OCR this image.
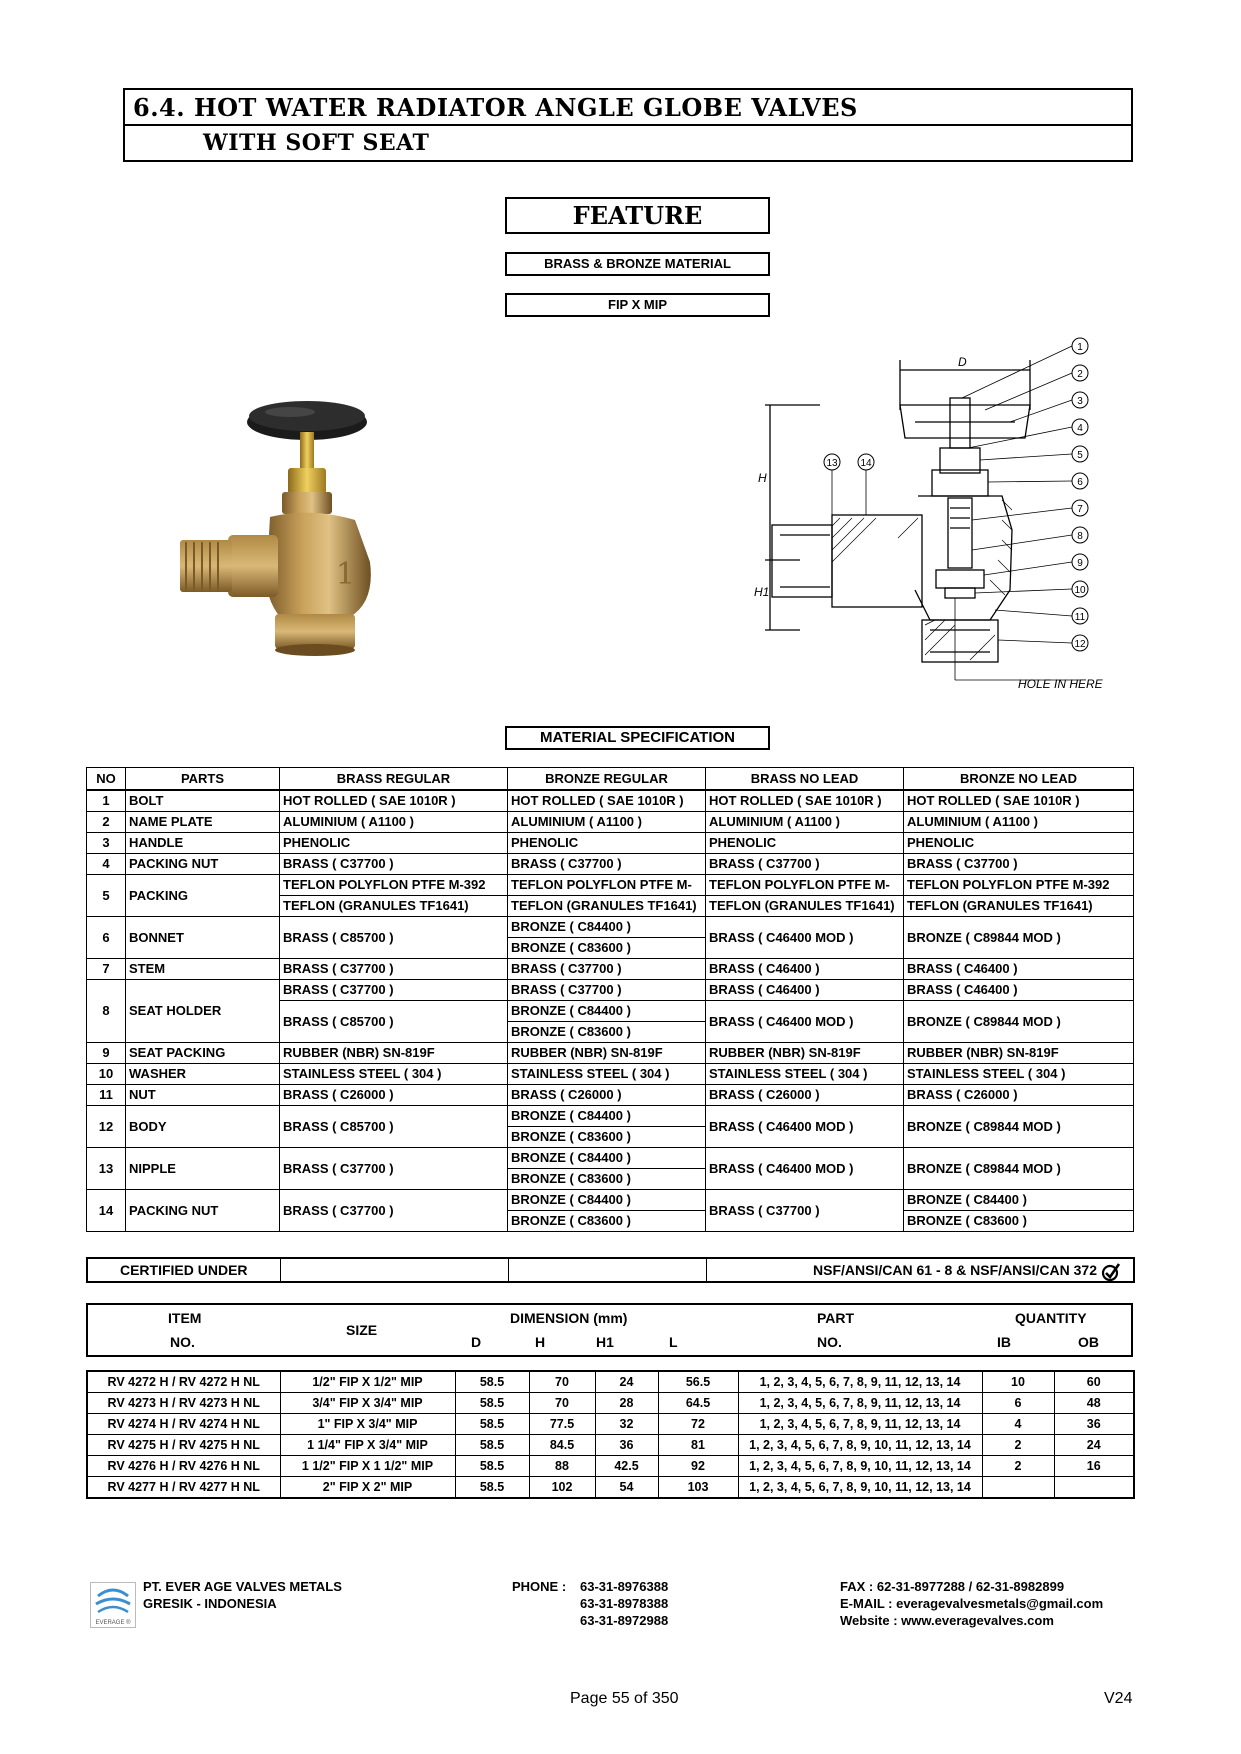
6.4. HOT WATER RADIATOR ANGLE GLOBE VALVES
WITH SOFT SEAT
FEATURE
BRASS & BRONZE MATERIAL
FIP X MIP
1
D
H
H1
HOLE IN HERE
1
2
3
4
5
6
7
8
9
10
11
12
13 14
MATERIAL SPECIFICATION
NO	PARTS	BRASS REGULAR	BRONZE REGULAR	BRASS NO LEAD	BRONZE NO LEAD
1	BOLT	HOT ROLLED ( SAE 1010R )	HOT ROLLED ( SAE 1010R )	HOT ROLLED ( SAE 1010R )	HOT ROLLED ( SAE 1010R )
2	NAME PLATE	ALUMINIUM ( A1100 )	ALUMINIUM ( A1100 )	ALUMINIUM ( A1100 )	ALUMINIUM ( A1100 )
3	HANDLE	PHENOLIC	PHENOLIC	PHENOLIC	PHENOLIC
4	PACKING NUT	BRASS ( C37700 )	BRASS ( C37700 )	BRASS ( C37700 )	BRASS ( C37700 )
5	PACKING	TEFLON POLYFLON PTFE M-392	TEFLON POLYFLON PTFE M-	TEFLON POLYFLON PTFE M-	TEFLON POLYFLON PTFE M-392
		TEFLON (GRANULES TF1641)	TEFLON (GRANULES TF1641)	TEFLON (GRANULES TF1641)	TEFLON (GRANULES TF1641)
6	BONNET	BRASS ( C85700 )	BRONZE ( C84400 )	BRASS ( C46400 MOD )	BRONZE ( C89844 MOD )
			BRONZE ( C83600 )		
7	STEM	BRASS ( C37700 )	BRASS ( C37700 )	BRASS ( C46400 )	BRASS ( C46400 )
8	SEAT HOLDER	BRASS ( C37700 )	BRASS ( C37700 )	BRASS ( C46400 )	BRASS ( C46400 )
		BRASS ( C85700 )	BRONZE ( C84400 )	BRASS ( C46400 MOD )	BRONZE ( C89844 MOD )
			BRONZE ( C83600 )		
9	SEAT PACKING	RUBBER (NBR) SN-819F	RUBBER (NBR) SN-819F	RUBBER (NBR) SN-819F	RUBBER (NBR) SN-819F
10	WASHER	STAINLESS STEEL ( 304 )	STAINLESS STEEL ( 304 )	STAINLESS STEEL ( 304 )	STAINLESS STEEL ( 304 )
11	NUT	BRASS ( C26000 )	BRASS ( C26000 )	BRASS ( C26000 )	BRASS ( C26000 )
12	BODY	BRASS ( C85700 )	BRONZE ( C84400 )	BRASS ( C46400 MOD )	BRONZE ( C89844 MOD )
			BRONZE ( C83600 )		
13	NIPPLE	BRASS ( C37700 )	BRONZE ( C84400 )	BRASS ( C46400 MOD )	BRONZE ( C89844 MOD )
			BRONZE ( C83600 )		
14	PACKING NUT	BRASS ( C37700 )	BRONZE ( C84400 )	BRASS ( C37700 )	BRONZE ( C84400 )
			BRONZE ( C83600 )		BRONZE ( C83600 )
CERTIFIED UNDER			NSF/ANSI/CAN 61 - 8 & NSF/ANSI/CAN 372
ITEM
NO.
SIZE
DIMENSION (mm)
D	H	H1	L
PART
NO.
QUANTITY
IB	OB
RV 4272 H / RV 4272 H NL	1/2" FIP X 1/2" MIP	58.5	70	24	56.5	1, 2, 3, 4, 5, 6, 7, 8, 9, 11, 12, 13, 14	10	60
RV 4273 H / RV 4273 H NL	3/4" FIP X 3/4" MIP	58.5	70	28	64.5	1, 2, 3, 4, 5, 6, 7, 8, 9, 11, 12, 13, 14	6	48
RV 4274 H / RV 4274 H NL	1" FIP X 3/4" MIP	58.5	77.5	32	72	1, 2, 3, 4, 5, 6, 7, 8, 9, 11, 12, 13, 14	4	36
RV 4275 H / RV 4275 H NL	1 1/4" FIP X 3/4" MIP	58.5	84.5	36	81	1, 2, 3, 4, 5, 6, 7, 8, 9, 10, 11, 12, 13, 14	2	24
RV 4276 H / RV 4276 H NL	1 1/2" FIP X 1 1/2" MIP	58.5	88	42.5	92	1, 2, 3, 4, 5, 6, 7, 8, 9, 10, 11, 12, 13, 14	2	16
RV 4277 H / RV 4277 H NL	2" FIP X 2" MIP	58.5	102	54	103	1, 2, 3, 4, 5, 6, 7, 8, 9, 10, 11, 12, 13, 14		
EVERAGE ®
PT. EVER AGE VALVES METALS
GRESIK - INDONESIA
PHONE : 63-31-8976388
63-31-8978388
63-31-8972988
FAX : 62-31-8977288 / 62-31-8982899
E-MAIL : everagevalvesmetals@gmail.com
Website : www.everagevalves.com
Page 55 of 350	V24
